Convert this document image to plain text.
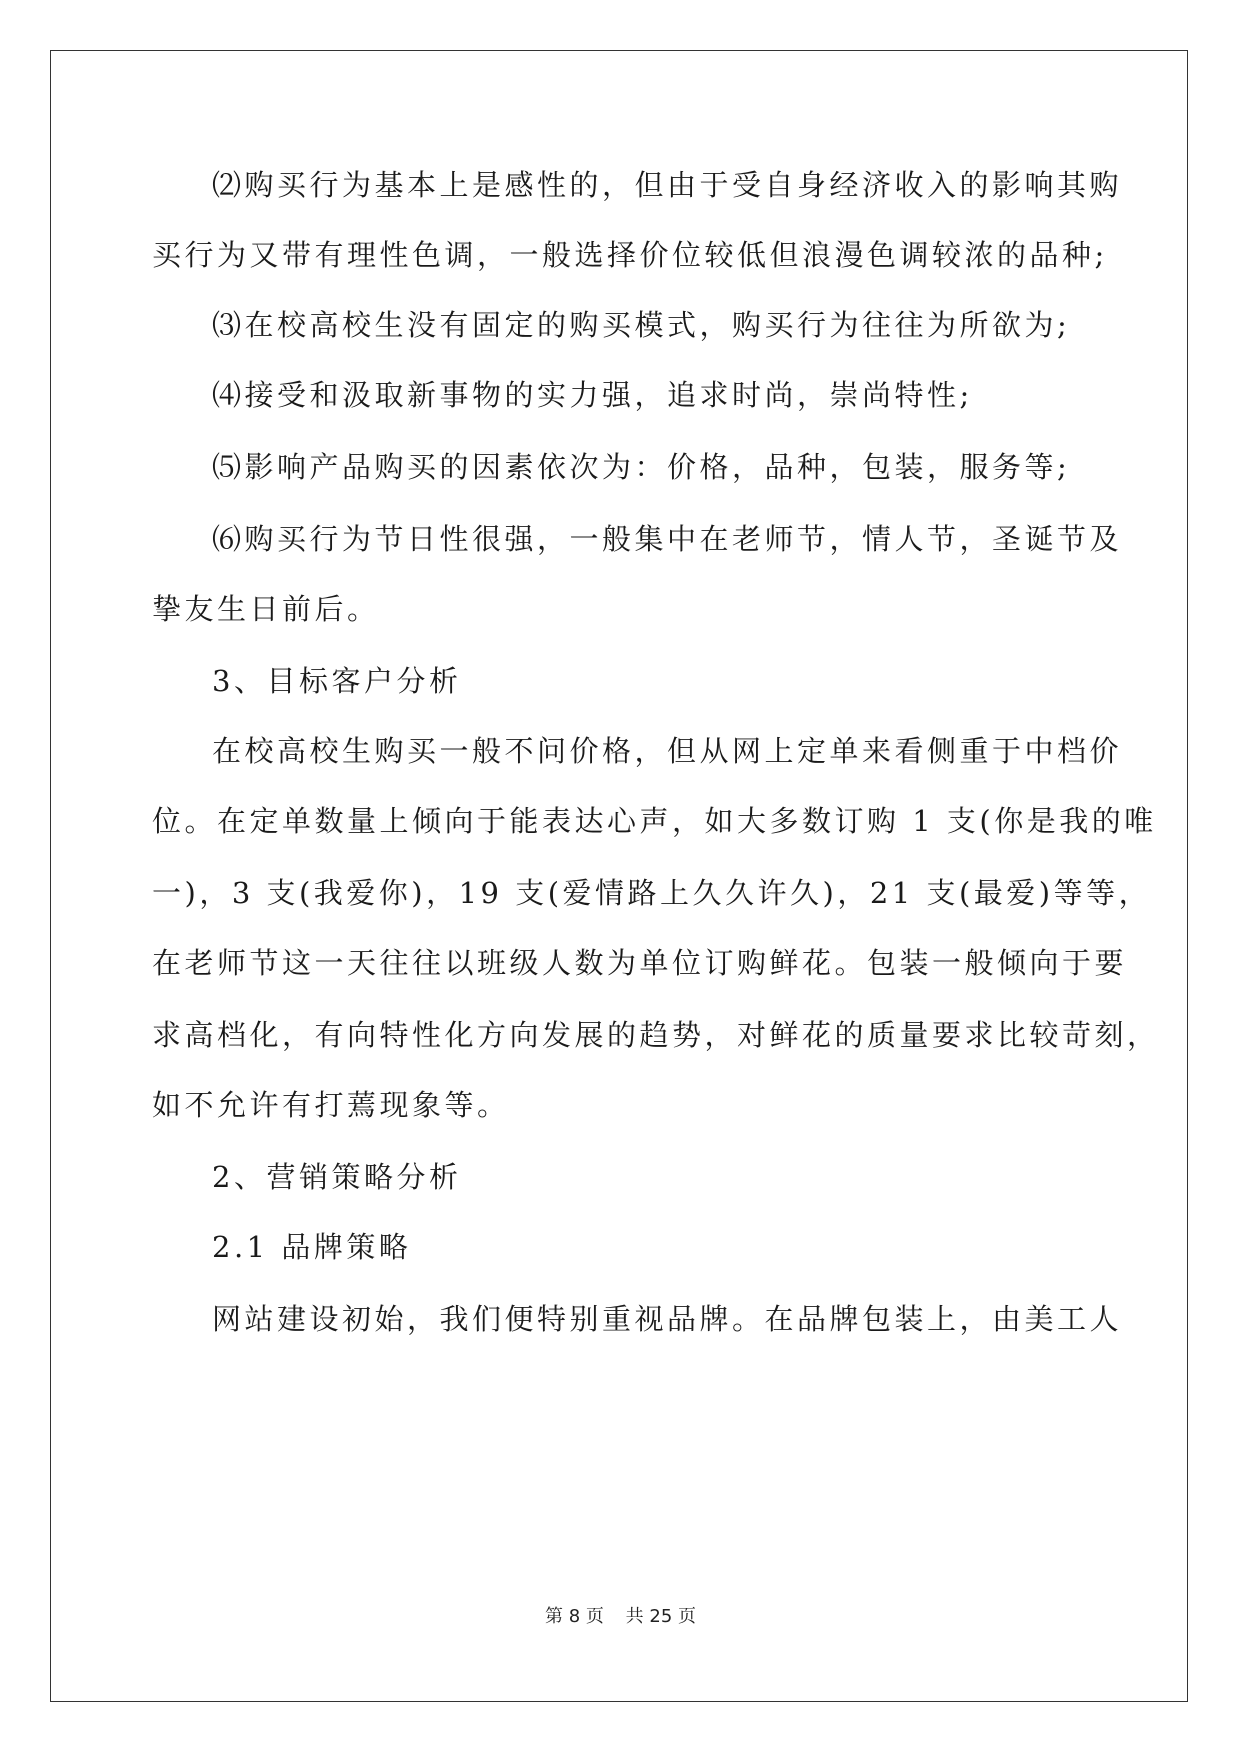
⑵购买行为基本上是感性的，但由于受自身经济收入的影响其购
买行为又带有理性色调，一般选择价位较低但浪漫色调较浓的品种;
⑶在校高校生没有固定的购买模式，购买行为往往为所欲为;
⑷接受和汲取新事物的实力强，追求时尚，崇尚特性;
⑸影响产品购买的因素依次为：价格，品种，包装，服务等;
⑹购买行为节日性很强，一般集中在老师节，情人节，圣诞节及
挚友生日前后。
3、目标客户分析
在校高校生购买一般不问价格，但从网上定单来看侧重于中档价
位。在定单数量上倾向于能表达心声，如大多数订购 1 支(你是我的唯
一)，3 支(我爱你)，19 支(爱情路上久久许久)，21 支(最爱)等等，
在老师节这一天往往以班级人数为单位订购鲜花。包装一般倾向于要
求高档化，有向特性化方向发展的趋势，对鲜花的质量要求比较苛刻，
如不允许有打蔫现象等。
2、营销策略分析
2.1 品牌策略
网站建设初始，我们便特别重视品牌。在品牌包装上，由美工人
第 8 页 共 25 页
